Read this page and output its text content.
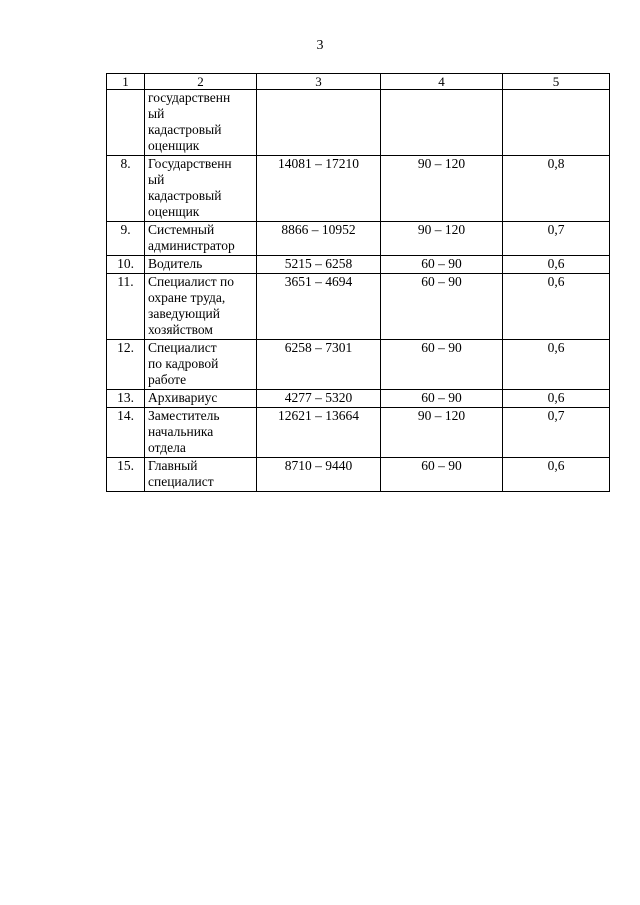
3
1	2	3	4	5
	государственн
ый
кадастровый
оценщик			
8.	Государственн
ый
кадастровый
оценщик	14081 – 17210	90 – 120	0,8
9.	Системный
администратор	8866 – 10952	90 – 120	0,7
10.	Водитель	5215 – 6258	60 – 90	0,6
11.	Специалист по
охране труда,
заведующий
хозяйством	3651 – 4694	60 – 90	0,6
12.	Специалист
по кадровой
работе	6258 – 7301	60 – 90	0,6
13.	Архивариус	4277 – 5320	60 – 90	0,6
14.	Заместитель
начальника
отдела	12621 – 13664	90 – 120	0,7
15.	Главный
специалист	8710 – 9440	60 – 90	0,6
